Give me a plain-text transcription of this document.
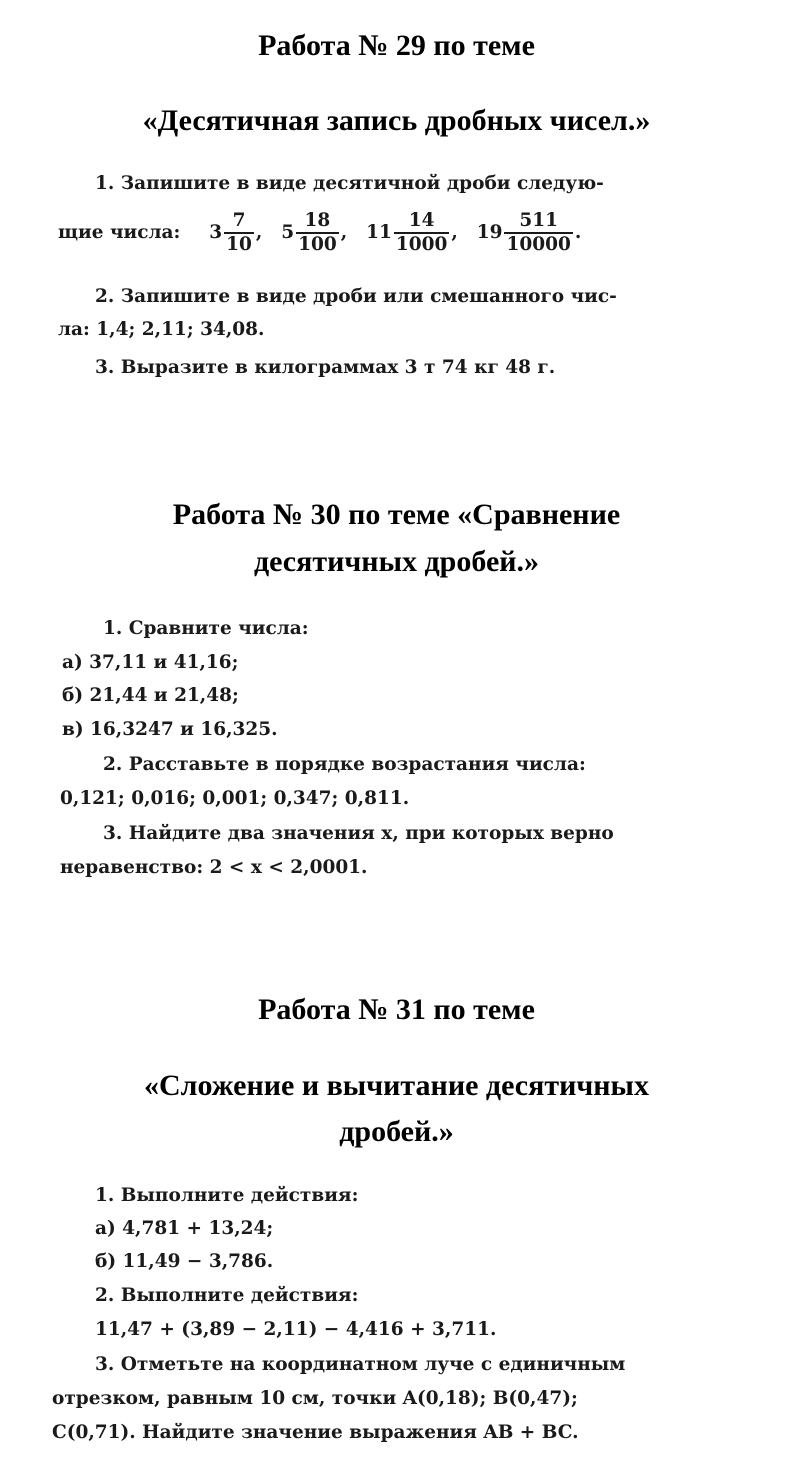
Работа № 29 по теме
«Десятичная запись дробных чисел.»
1. Запишите в виде десятичной дроби следую-
щие числа: $3 \frac{7}{10}$ , $5 \frac{18}{100}$ , $11 \frac{14}{1000}$ , $19 \frac{511}{10000}$ .
2. Запишите в виде дроби или смешанного чис-
ла: 1,4; 2,11; 34,08.
3. Выразите в килограммах 3 т 74 кг 48 г.
Работа № 30 по теме «Сравнение
десятичных дробей.»
1. Сравните числа:
а) 37,11 и 41,16;
б) 21,44 и 21,48;
в) 16,3247 и 16,325.
2. Расставьте в порядке возрастания числа:
0,121; 0,016; 0,001; 0,347; 0,811.
3. Найдите два значения x, при которых верно
неравенство: 2 < x < 2,0001.
Работа № 31 по теме
«Сложение и вычитание десятичных
дробей.»
1. Выполните действия:
а) 4,781 + 13,24;
б) 11,49 − 3,786.
2. Выполните действия:
11,47 + (3,89 − 2,11) − 4,416 + 3,711.
3. Отметьте на координатном луче с единичным
отрезком, равным 10 см, точки A(0,18); B(0,47);
C(0,71). Найдите значение выражения AB + BC.
